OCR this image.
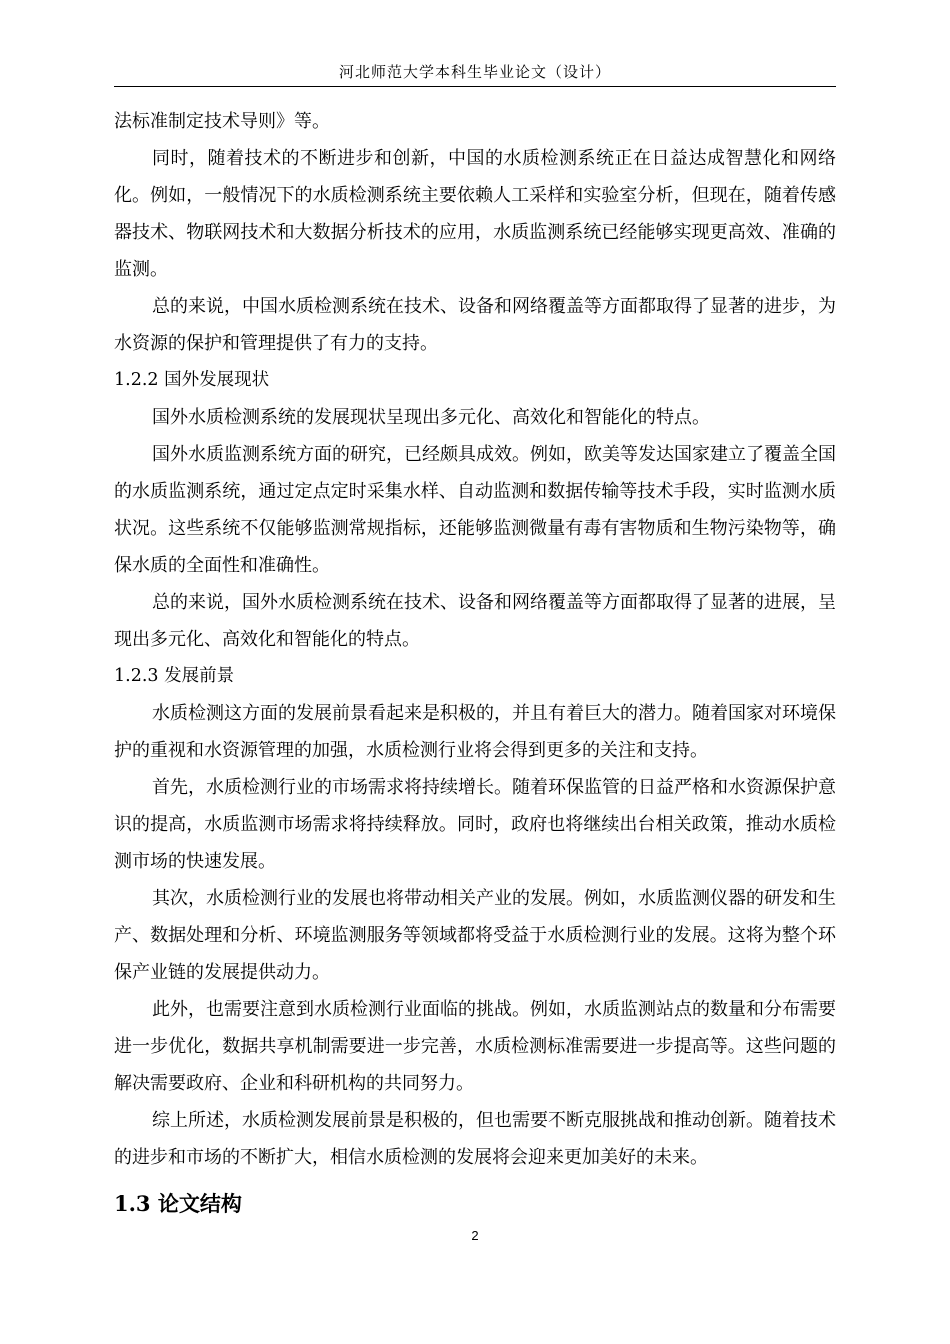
河北师范大学本科生毕业论文（设计）

法标准制定技术导则》等。

同时，随着技术的不断进步和创新，中国的水质检测系统正在日益达成智慧化和网络化。例如，一般情况下的水质检测系统主要依赖人工采样和实验室分析，但现在，随着传感器技术、物联网技术和大数据分析技术的应用，水质监测系统已经能够实现更高效、准确的监测。

总的来说，中国水质检测系统在技术、设备和网络覆盖等方面都取得了显著的进步，为水资源的保护和管理提供了有力的支持。

1.2.2 国外发展现状

国外水质检测系统的发展现状呈现出多元化、高效化和智能化的特点。

国外水质监测系统方面的研究，已经颇具成效。例如，欧美等发达国家建立了覆盖全国的水质监测系统，通过定点定时采集水样、自动监测和数据传输等技术手段，实时监测水质状况。这些系统不仅能够监测常规指标，还能够监测微量有毒有害物质和生物污染物等，确保水质的全面性和准确性。

总的来说，国外水质检测系统在技术、设备和网络覆盖等方面都取得了显著的进展，呈现出多元化、高效化和智能化的特点。

1.2.3 发展前景

水质检测这方面的发展前景看起来是积极的，并且有着巨大的潜力。随着国家对环境保护的重视和水资源管理的加强，水质检测行业将会得到更多的关注和支持。

首先，水质检测行业的市场需求将持续增长。随着环保监管的日益严格和水资源保护意识的提高，水质监测市场需求将持续释放。同时，政府也将继续出台相关政策，推动水质检测市场的快速发展。

其次，水质检测行业的发展也将带动相关产业的发展。例如，水质监测仪器的研发和生产、数据处理和分析、环境监测服务等领域都将受益于水质检测行业的发展。这将为整个环保产业链的发展提供动力。

此外，也需要注意到水质检测行业面临的挑战。例如，水质监测站点的数量和分布需要进一步优化，数据共享机制需要进一步完善，水质检测标准需要进一步提高等。这些问题的解决需要政府、企业和科研机构的共同努力。

综上所述，水质检测发展前景是积极的，但也需要不断克服挑战和推动创新。随着技术的进步和市场的不断扩大，相信水质检测的发展将会迎来更加美好的未来。

1.3 论文结构
2
